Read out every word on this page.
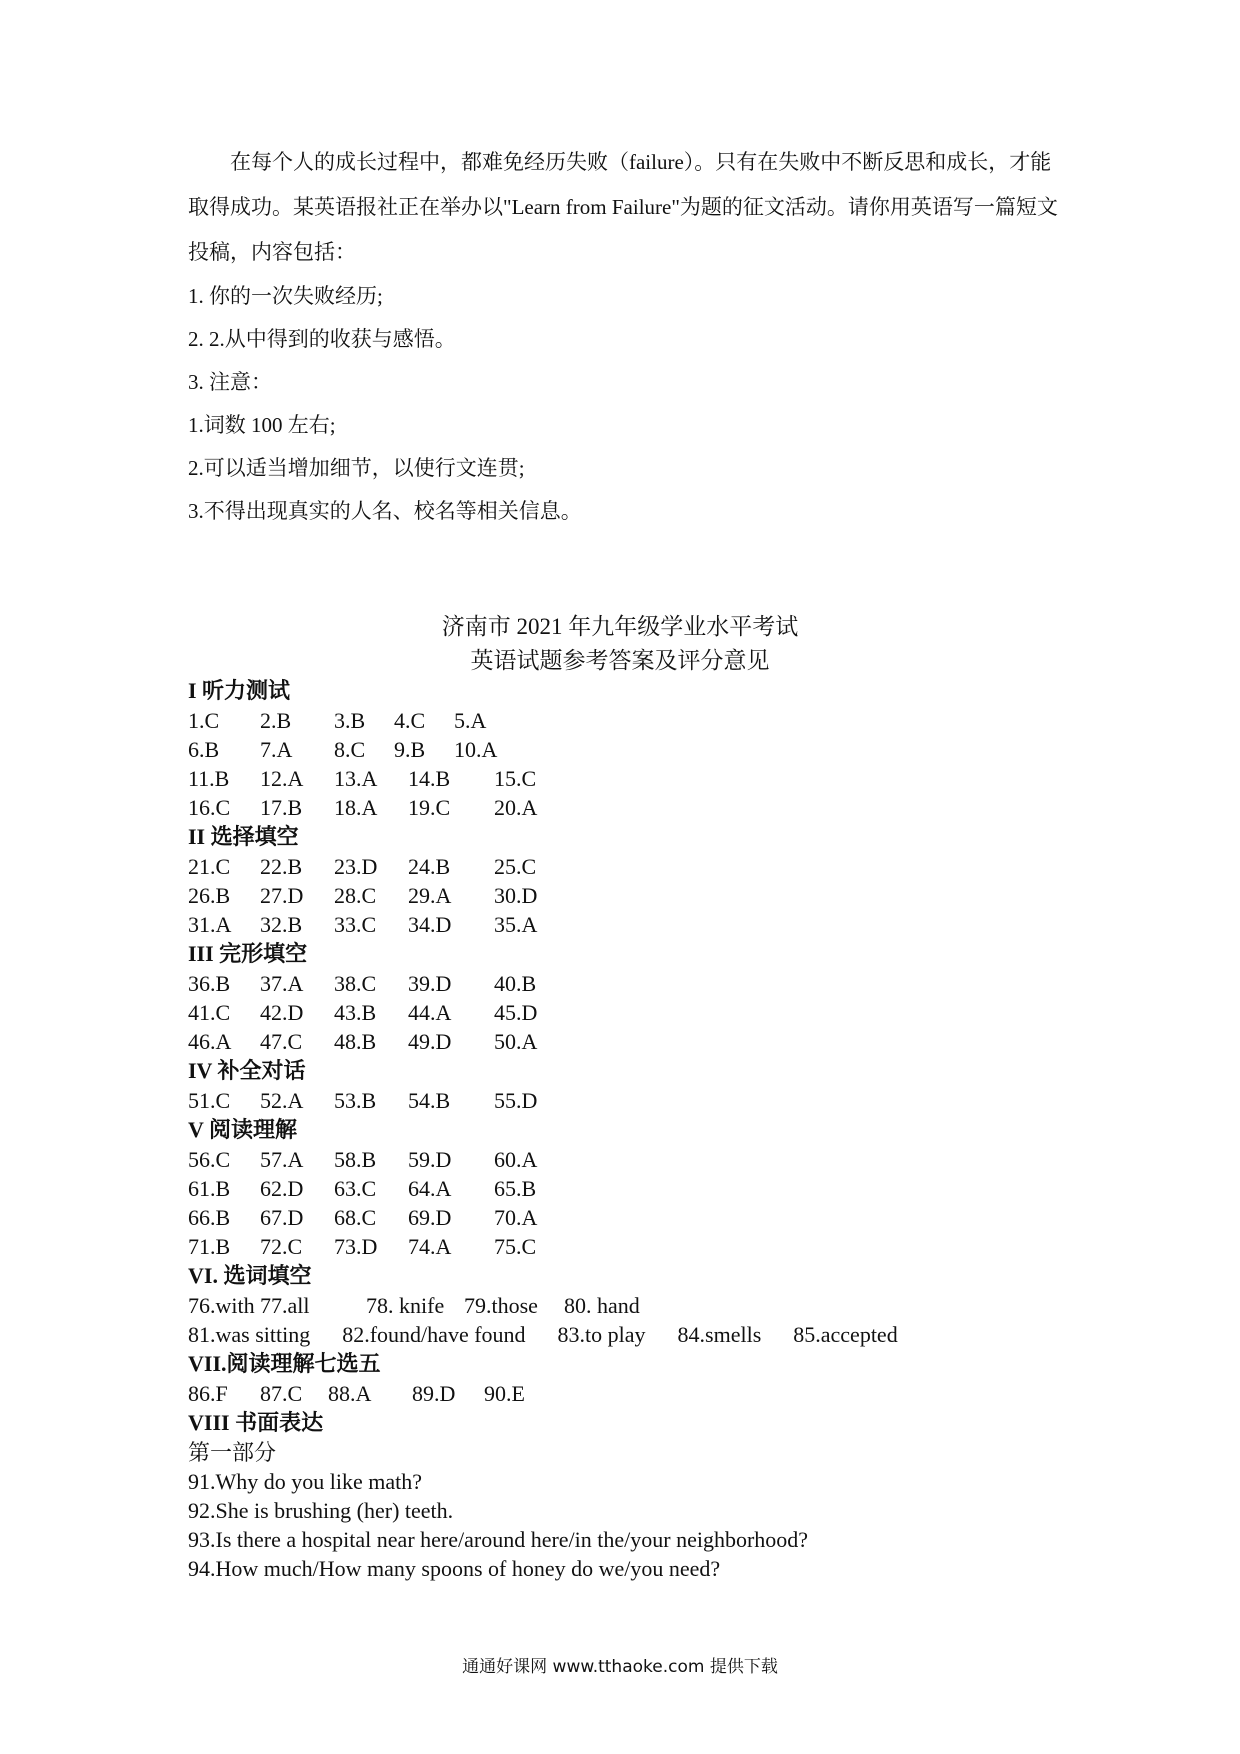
在每个人的成长过程中，都难免经历失败（failure）。只有在失败中不断反思和成长，才能取得成功。某英语报社正在举办以"Learn from Failure"为题的征文活动。请你用英语写一篇短文投稿，内容包括：

1. 你的一次失败经历;

2. 2.从中得到的收获与感悟。

3. 注意：

1.词数 100 左右;

2.可以适当增加细节，以使行文连贯;

3.不得出现真实的人名、校名等相关信息。

济南市 2021 年九年级学业水平考试
英语试题参考答案及评分意见
I 听力测试
1.C 2.B 3.B 4.C 5.A
6.B 7.A 8.C 9.B 10.A
11.B 12.A 13.A 14.B 15.C
16.C 17.B 18.A 19.C 20.A
II 选择填空
21.C 22.B 23.D 24.B 25.C
26.B 27.D 28.C 29.A 30.D
31.A 32.B 33.C 34.D 35.A
III 完形填空
36.B 37.A 38.C 39.D 40.B
41.C 42.D 43.B 44.A 45.D
46.A 47.C 48.B 49.D 50.A
IV 补全对话
51.C 52.A 53.B 54.B 55.D
V 阅读理解
56.C 57.A 58.B 59.D 60.A
61.B 62.D 63.C 64.A 65.B
66.B 67.D 68.C 69.D 70.A
71.B 72.C 73.D 74.A 75.C
VI. 选词填空
76.with 77.all	78. knife 79.those 80. hand
81.was sitting 82.found/have found 83.to play 84.smells 85.accepted
VII.阅读理解七选五
86.F 87.C 88.A 89.D 90.E
VIII 书面表达
第一部分
91.Why do you like math?
92.She is brushing (her) teeth.
93.Is there a hospital near here/around here/in the/your neighborhood?
94.How much/How many spoons of honey do we/you need?
通通好课网 www.tthaoke.com 提供下载
